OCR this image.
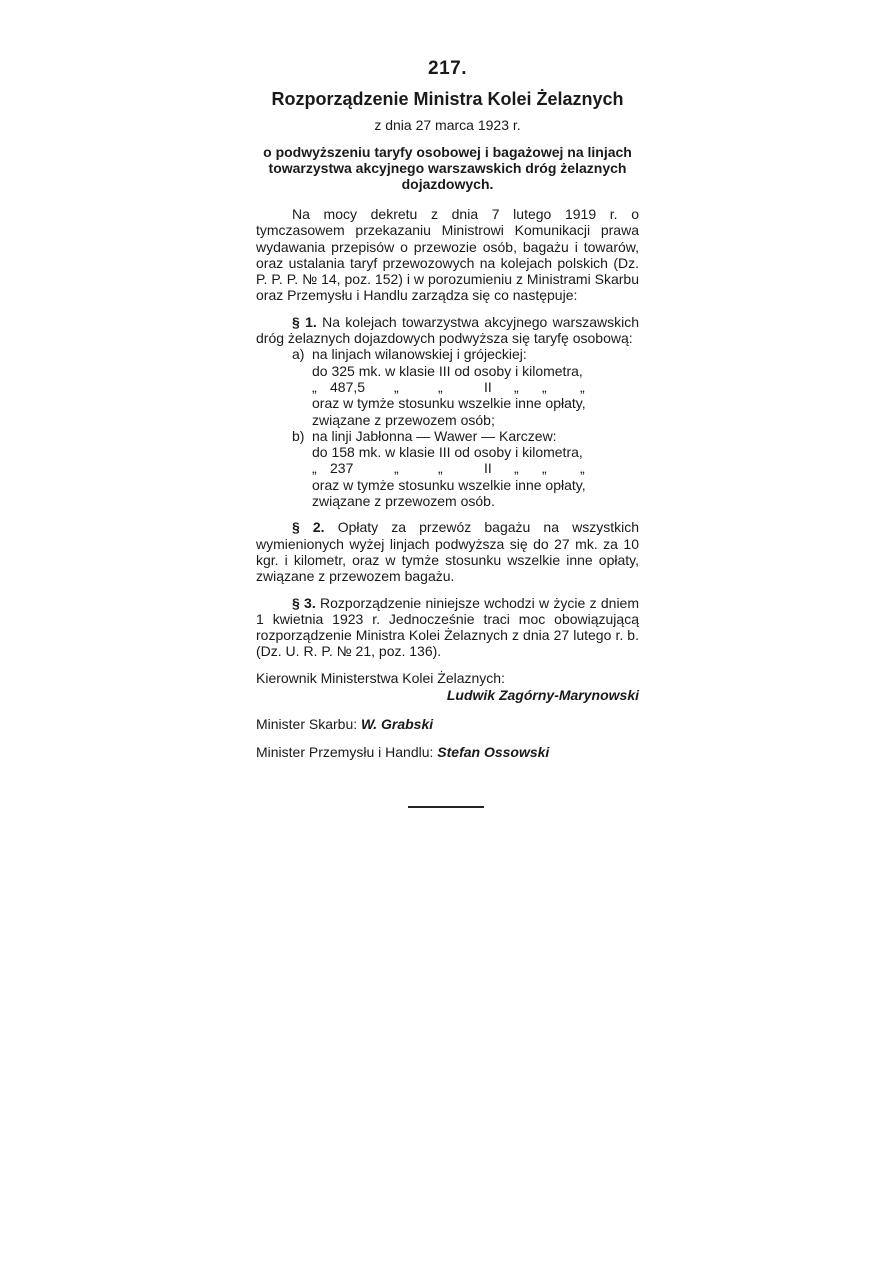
217.
Rozporządzenie Ministra Kolei Żelaznych
z dnia 27 marca 1923 r.
o podwyższeniu taryfy osobowej i bagażowej na linjach towarzystwa akcyjnego warszawskich dróg żelaznych dojazdowych.

Na mocy dekretu z dnia 7 lutego 1919 r. o tymczasowem przekazaniu Ministrowi Komunikacji prawa wydawania przepisów o przewozie osób, bagażu i towarów, oraz ustalania taryf przewozowych na kolejach polskich (Dz. P. P. P. № 14, poz. 152) i w porozumieniu z Ministrami Skarbu oraz Przemysłu i Handlu zarządza się co następuje:

§ 1. Na kolejach towarzystwa akcyjnego warszawskich dróg żelaznych dojazdowych podwyższa się taryfę osobową:

a) na linjach wilanowskiej i grójeckiej:
do 325 mk. w klasie III od osoby i kilometra,
„ 487,5	„	„	II	„	„	„
oraz w tymże stosunku wszelkie inne opłaty, związane z przewozem osób;
b) na linji Jabłonna — Wawer — Karczew:
do 158 mk. w klasie III od osoby i kilometra,
„ 237	„	„	II	„	„	„
oraz w tymże stosunku wszelkie inne opłaty, związane z przewozem osób.

§ 2. Opłaty za przewóz bagażu na wszystkich wymienionych wyżej linjach podwyższa się do 27 mk. za 10 kgr. i kilometr, oraz w tymże stosunku wszelkie inne opłaty, związane z przewozem bagażu.

§ 3. Rozporządzenie niniejsze wchodzi w życie z dniem 1 kwietnia 1923 r. Jednocześnie traci moc obowiązującą rozporządzenie Ministra Kolei Żelaznych z dnia 27 lutego r. b. (Dz. U. R. P. № 21, poz. 136).

Kierownik Ministerstwa Kolei Żelaznych:
Ludwik Zagórny-Marynowski
Minister Skarbu: W. Grabski
Minister Przemysłu i Handlu: Stefan Ossowski
